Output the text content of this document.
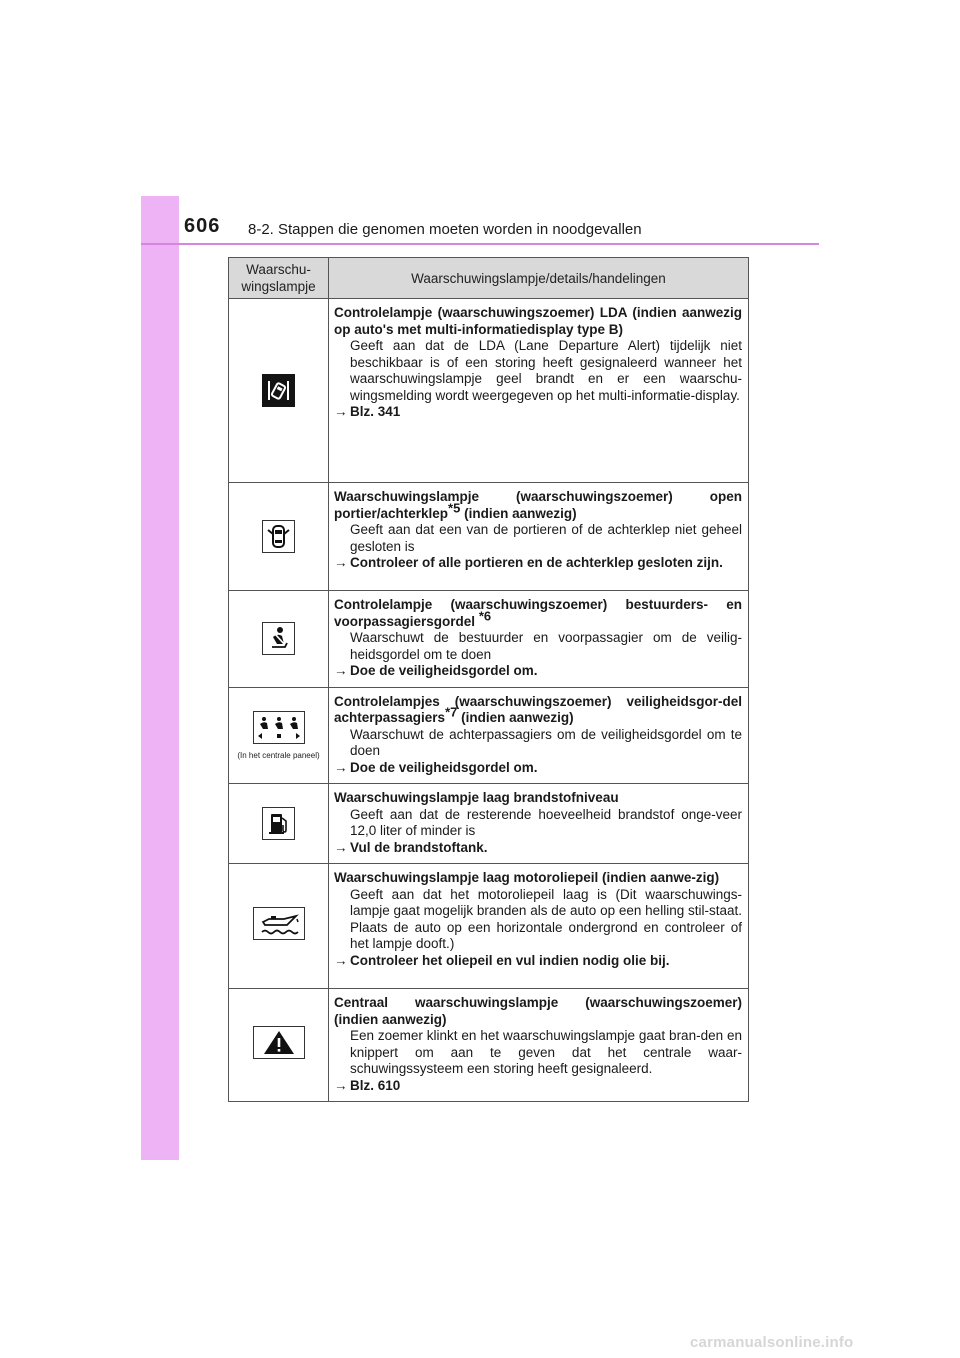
606 8-2. Stappen die genomen moeten worden in noodgevallen
Waarschu-
wingslampje	Waarschuwingslampje/details/handelingen

Controlelampje (waarschuwingszoemer) LDA (indien aanwezig op auto's met multi-informatiedisplay type B)
Geeft aan dat de LDA (Lane Departure Alert) tijdelijk niet beschikbaar is of een storing heeft gesignaleerd wanneer het waarschuwingslampje geel brandt en er een waarschu-wingsmelding wordt weergegeven op het multi-informatie-display.
→ Blz. 341

Waarschuwingslampje (waarschuwingszoemer) open portier/achterklep$^{*5}$ (indien aanwezig)
Geeft aan dat een van de portieren of de achterklep niet geheel gesloten is
→ Controleer of alle portieren en de achterklep gesloten zijn.

Controlelampje (waarschuwingszoemer) bestuurders- en voorpassagiersgordel $^{*6}$
Waarschuwt de bestuurder en voorpassagier om de veilig-heidsgordel om te doen
→ Doe de veiligheidsgordel om.

(In het centrale paneel)	Controlelampjes (waarschuwingszoemer) veiligheidsgor-del achterpassagiers$^{*7}$ (indien aanwezig)
Waarschuwt de achterpassagiers om de veiligheidsgordel om te doen
→ Doe de veiligheidsgordel om.

Waarschuwingslampje laag brandstofniveau
Geeft aan dat de resterende hoeveelheid brandstof onge-veer 12,0 liter of minder is
→ Vul de brandstoftank.

Waarschuwingslampje laag motoroliepeil (indien aanwe-zig)
Geeft aan dat het motoroliepeil laag is (Dit waarschuwings-lampje gaat mogelijk branden als de auto op een helling stil-staat. Plaats de auto op een horizontale ondergrond en controleer of het lampje dooft.)
→ Controleer het oliepeil en vul indien nodig olie bij.

Centraal waarschuwingslampje (waarschuwingszoemer) (indien aanwezig)
Een zoemer klinkt en het waarschuwingslampje gaat bran-den en knippert om aan te geven dat het centrale waar-schuwingssysteem een storing heeft gesignaleerd.
→ Blz. 610
carmanualsonline.info
